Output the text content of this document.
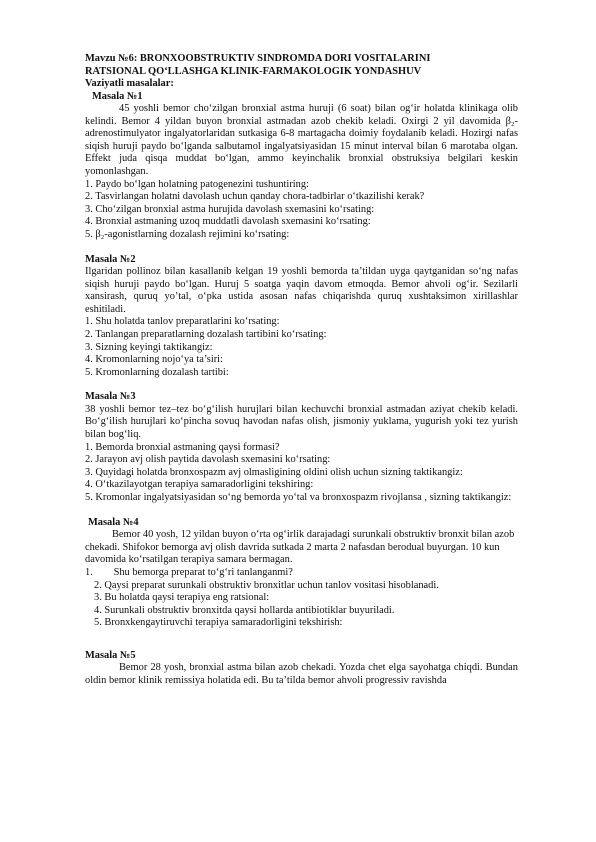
Mavzu №6: BRONXOOBSTRUKTIV SINDROMDA DORI VOSITALARINI
RATSIONAL QO‘LLASHGA KLINIK-FARMAKOLOGIK YONDASHUV
Vaziyatli masalalar:
Masala №1

45 yoshli bemor cho‘zilgan bronxial astma huruji (6 soat) bilan og‘ir holatda klinikaga olib kelindi. Bemor 4 yildan buyon bronxial astmadan azob chekib keladi. Oxirgi 2 yil davomida β₂-adrenostimulyator ingalyatorlaridan sutkasiga 6-8 martagacha doimiy foydalanib keladi. Hozirgi nafas siqish huruji paydo bo‘lganda salbutamol ingalyatsiyasidan 15 minut interval bilan 6 marotaba olgan. Effekt juda qisqa muddat bo‘lgan, ammo keyinchalik bronxial obstruksiya belgilari keskin yomonlashgan.

1. Paydo bo‘lgan holatning patogenezini tushuntiring:
2. Tasvirlangan holatni davolash uchun qanday chora-tadbirlar o‘tkazilishi kerak?
3. Cho‘zilgan bronxial astma hurujida davolash sxemasini ko‘rsating:
4. Bronxial astmaning uzoq muddatli davolash sxemasini ko‘rsating:
5. β₂-agonistlarning dozalash rejimini ko‘rsating:
Masala №2

Ilgaridan pollinoz bilan kasallanib kelgan 19 yoshli bemorda ta’tildan uyga qaytganidan so‘ng nafas siqish huruji paydo bo‘lgan. Huruj 5 soatga yaqin davom etmoqda. Bemor ahvoli og‘ir. Sezilarli xansirash, quruq yo’tal, o‘pka ustida asosan nafas chiqarishda quruq xushtaksimon xirillashlar eshitiladi.

1. Shu holatda tanlov preparatlarini ko‘rsating:
2. Tanlangan preparatlarning dozalash tartibini ko‘rsating:
3. Sizning keyingi taktikangiz:
4. Kromonlarning nojo‘ya ta’siri:
5. Kromonlarning dozalash tartibi:
Masala №3

38 yoshli bemor tez–tez bo‘g‘ilish hurujlari bilan kechuvchi bronxial astmadan aziyat chekib keladi. Bo‘g‘ilish hurujlari ko‘pincha sovuq havodan nafas olish, jismoniy yuklama, yugurish yoki tez yurish bilan bog‘liq.

1. Bemorda bronxial astmaning qaysi formasi?
2. Jarayon avj olish paytida davolash sxemasini ko‘rsating:
3. Quyidagi holatda bronxospazm avj olmasligining oldini olish uchun sizning taktikangiz:
4. O‘tkazilayotgan terapiya samaradorligini tekshiring:
5. Kromonlar ingalyatsiyasidan so‘ng bemorda yo‘tal va bronxospazm rivojlansa , sizning taktikangiz:
Masala №4

Bemor 40 yosh, 12 yildan buyon o‘rta og‘irlik darajadagi surunkali obstruktiv bronxit bilan azob chekadi. Shifokor bemorga avj olish davrida sutkada 2 marta 2 nafasdan berodual buyurgan. 10 kun davomida ko‘rsatilgan terapiya samara bermagan.

1.        Shu bemorga preparat to‘g‘ri tanlanganmi?
2. Qaysi preparat surunkali obstruktiv bronxitlar uchun tanlov vositasi hisoblanadi.
3. Bu holatda qaysi terapiya eng ratsional:
4. Surunkali obstruktiv bronxitda qaysi hollarda antibiotiklar buyuriladi.
5. Bronxkengaytiruvchi terapiya samaradorligini tekshirish:
Masala №5

Bemor 28 yosh, bronxial astma bilan azob chekadi. Yozda chet elga sayohatga chiqdi. Bundan oldin bemor klinik remissiya holatida edi. Bu ta’tilda bemor ahvoli progressiv ravishda
